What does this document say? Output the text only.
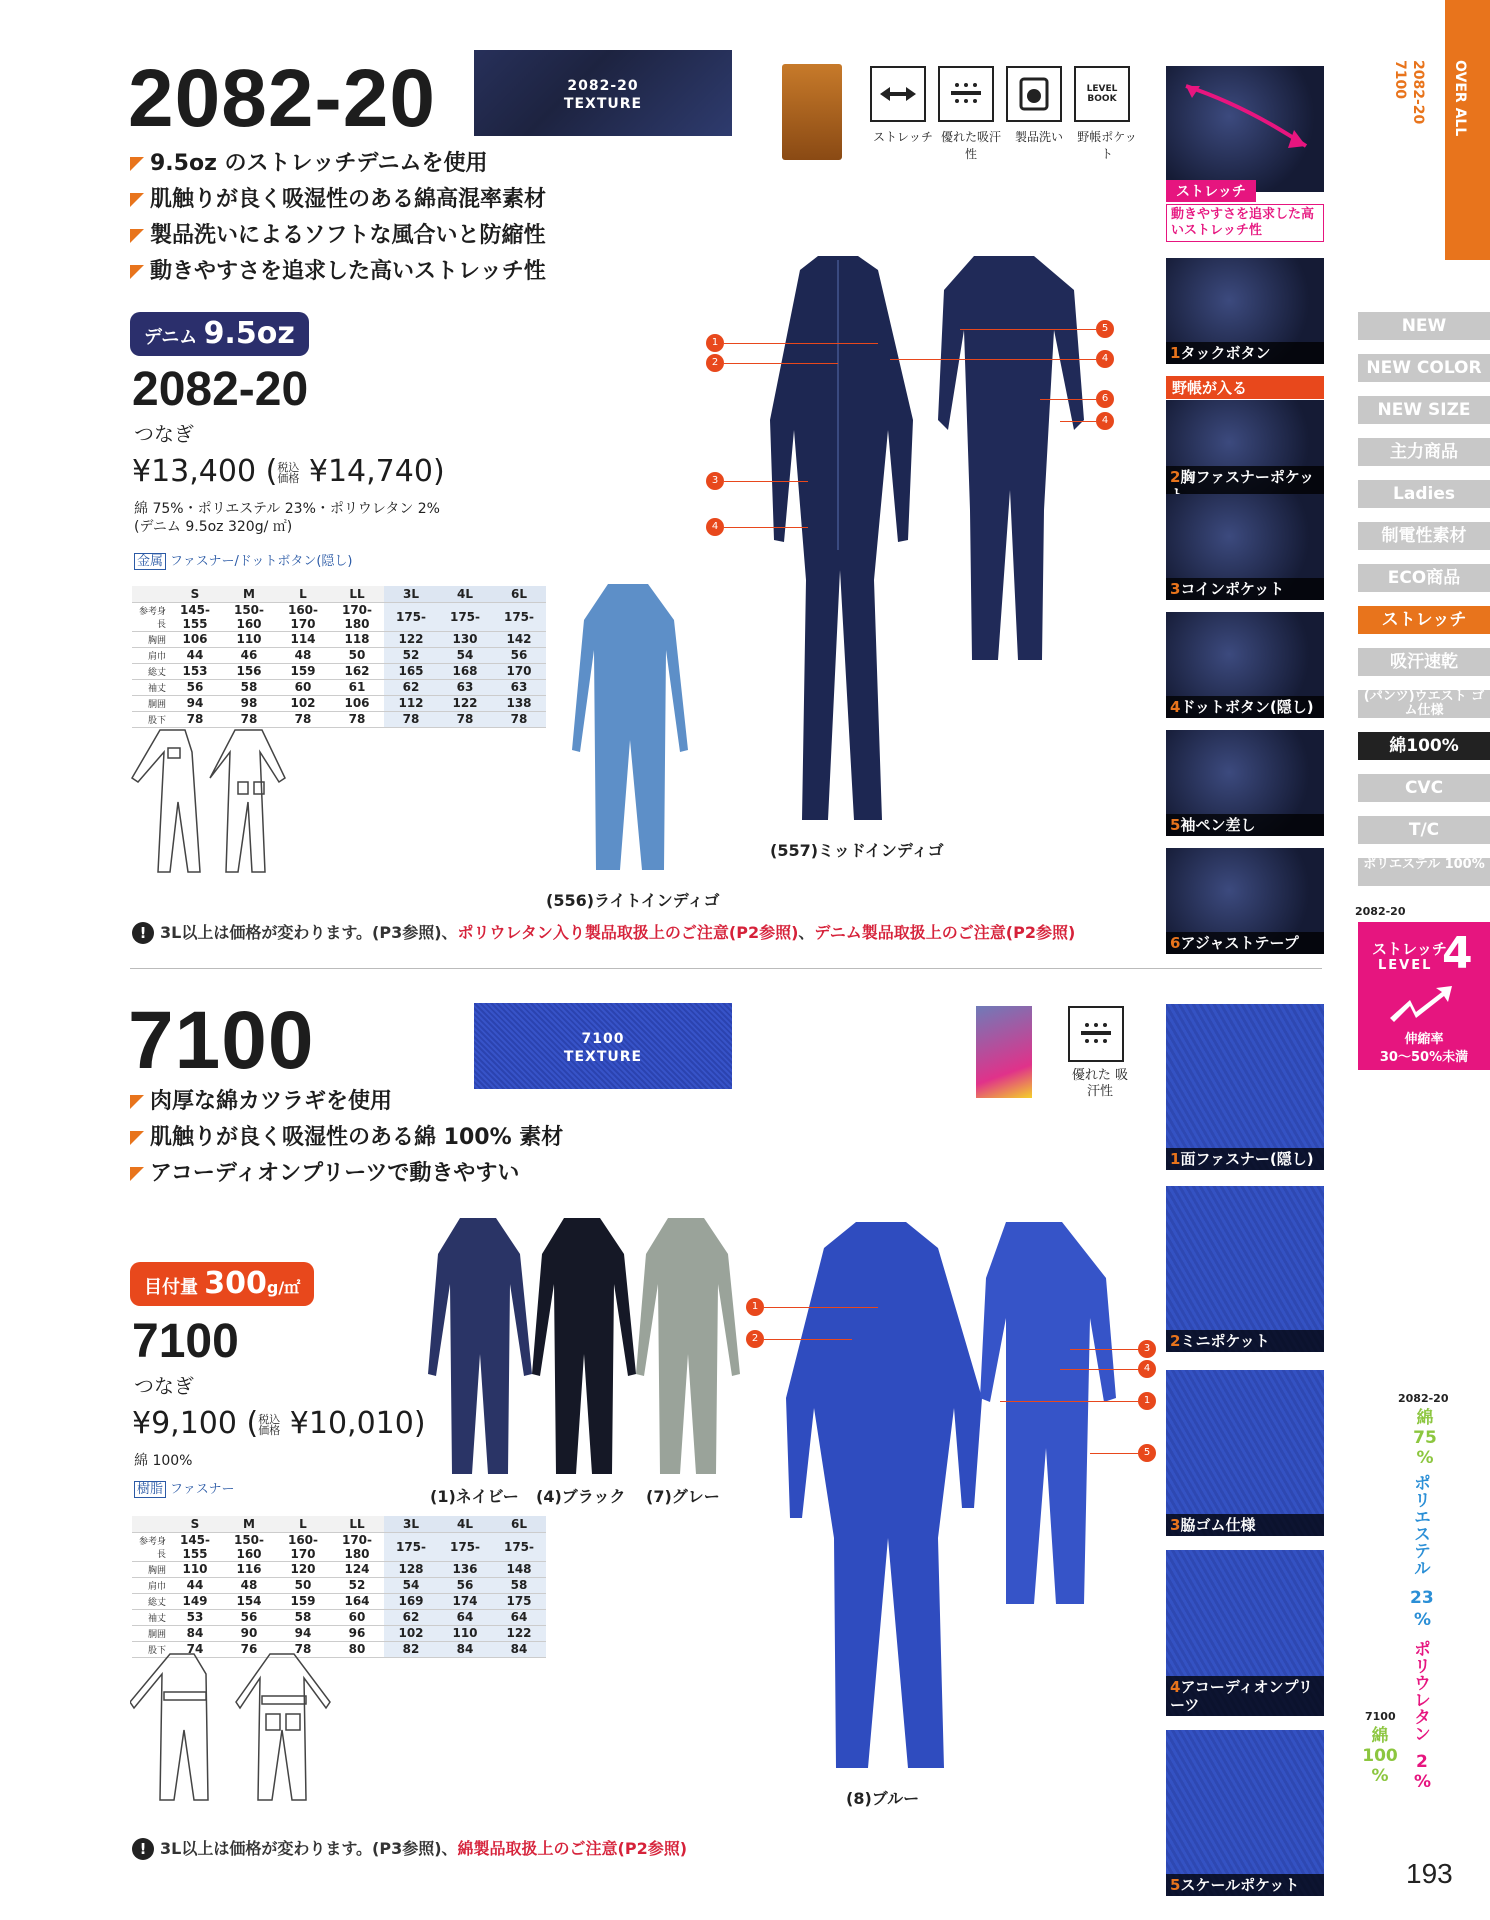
OVER ALL
2082-20
7100
NEW
NEW COLOR
NEW SIZE
主力商品
Ladies
制電性素材
ECO商品
ストレッチ
吸汗速乾
(パンツ)ウエスト ゴム仕様
綿100%
CVC
T/C
ポリエステル 100%
2082-20
ストレッチ
LEVEL 4
伸縮率
30〜50%未満
2082-20
綿
75
%
ポリエステル
23
%
ポリウレタン
2
%
7100
綿
100
%
193
2082-20	2082-20
TEXTURE
9.5oz のストレッチデニムを使用
肌触りが良く吸湿性のある綿高混率素材
製品洗いによるソフトな風合いと防縮性
動きやすさを追求した高いストレッチ性
LEVEL BOOK
ストレッチ 優れた吸汗性
製品洗い	野帳ポケット
デニム 9.5oz
2082-20
つなぎ
¥13,400 (税込
価格 ¥14,740)
綿 75%・ポリエステル 23%・ポリウレタン 2%
(デニム 9.5oz 320g/ ㎡)
金属 ファスナー/ドットボタン(隠し)
	S	M	L	LL	3L	4L	6L
参考身長	145-155	150-160	160-170	170-180	175-	175-	175-
胸囲	106	110	114	118	122	130	142
肩巾	44	46	48	50	52	54	56
総丈	153	156	159	162	165	168	170
袖丈	56	58	60	61	62	63	63
胴囲	94	98	102	106	112	122	138
股下	78	78	78	78	78	78	78
(557)ミッドインディゴ
(556)ライトインディゴ
1
2
3
4
5
4
6
4
ストレッチ
動きやすさを追求した高いストレッチ性
野帳が入る
1タックボタン
2胸ファスナーポケッ
3コインポケット
4ドットボタン(隠し)
5袖ペン差し
6アジャストテープ
! 3L以上は価格が変わります。(P3参照)、ポリウレタン入り製品取扱上のご注意(P2参照)、デニム製品取扱上のご注意(P2参照)
7100	7100
TEXTURE
肉厚な綿カツラギを使用
肌触りが良く吸湿性のある綿 100% 素材
アコーディオンプリーツで動きやすい
優れた 吸汗性
目付量 300g/㎡
7100
つなぎ
¥9,100 (税込
価格 ¥10,010)
綿 100%
樹脂 ファスナー
	S	M	L	LL	3L	4L	6L
参考身長	145-155	150-160	160-170	170-180	175-	175-	175-
胸囲	110	116	120	124	128	136	148
肩巾	44	48	50	52	54	56	58
総丈	149	154	159	164	169	174	175
袖丈	53	56	58	60	62	64	64
胴囲	84	90	94	96	102	110	122
股下	74	76	78	80	82	84	84
(1)ネイビー (4)ブラック (7)グレー
(8)ブルー
1
2
3
4
1
5
1面ファスナー(隠し)
2ミニポケット
3脇ゴム仕様
4アコーディオンプリーツ
5スケールポケット
! 3L以上は価格が変わります。(P3参照)、綿製品取扱上のご注意(P2参照)
